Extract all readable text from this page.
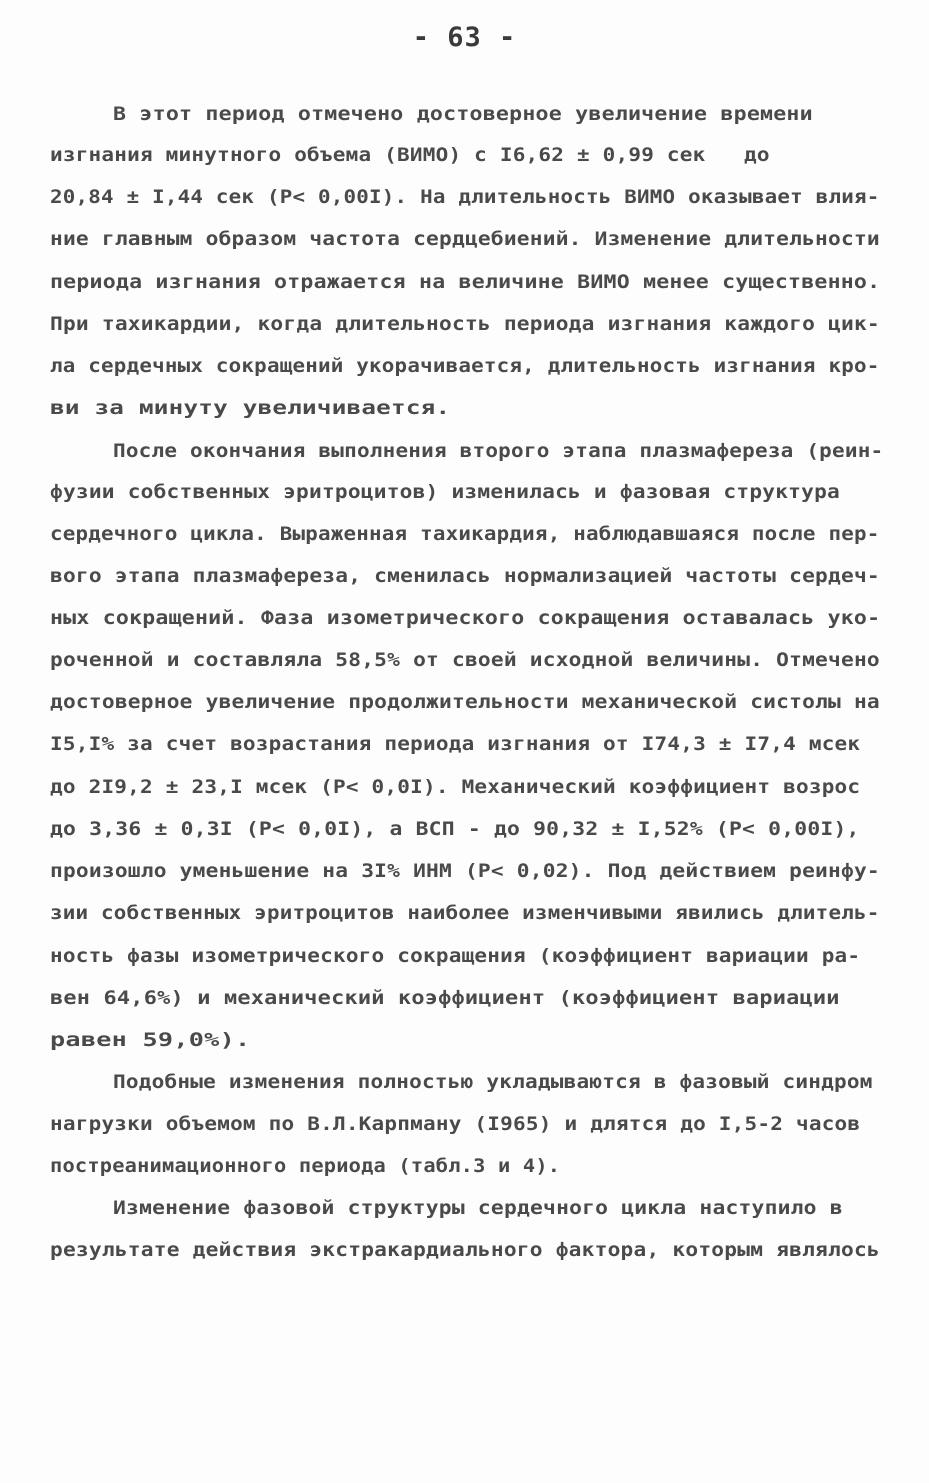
- 63 -
В этот период отмечено достоверное увеличение времени
изгнания минутного объема (ВИМО) с I6,62 ± 0,99 сек   до
20,84 ± I,44 сек (P< 0,00I). На длительность ВИМО оказывает влия-
ние главным образом частота сердцебиений. Изменение длительности
периода изгнания отражается на величине ВИМО менее существенно.
При тахикардии, когда длительность периода изгнания каждого цик-
ла сердечных сокращений укорачивается, длительность изгнания кро-
ви за минуту увеличивается.
После окончания выполнения второго этапа плазмафереза (реин-
фузии собственных эритроцитов) изменилась и фазовая структура
сердечного цикла. Выраженная тахикардия, наблюдавшаяся после пер-
вого этапа плазмафереза, сменилась нормализацией частоты сердеч-
ных сокращений. Фаза изометрического сокращения оставалась уко-
роченной и составляла 58,5% от своей исходной величины. Отмечено
достоверное увеличение продолжительности механической систолы на
I5,I% за счет возрастания периода изгнания от I74,3 ± I7,4 мсек
до 2I9,2 ± 23,I мсек (P< 0,0I). Механический коэффициент возрос
до 3,36 ± 0,3I (P< 0,0I), а ВСП - до 90,32 ± I,52% (P< 0,00I),
произошло уменьшение на 3I% ИНМ (P< 0,02). Под действием реинфу-
зии собственных эритроцитов наиболее изменчивыми явились длитель-
ность фазы изометрического сокращения (коэффициент вариации ра-
вен 64,6%) и механический коэффициент (коэффициент вариации
равен 59,0%).
Подобные изменения полностью укладываются в фазовый синдром
нагрузки объемом по В.Л.Карпману (I965) и длятся до I,5-2 часов
постреанимационного периода (табл.3 и 4).
Изменение фазовой структуры сердечного цикла наступило в
результате действия экстракардиального фактора, которым являлось
